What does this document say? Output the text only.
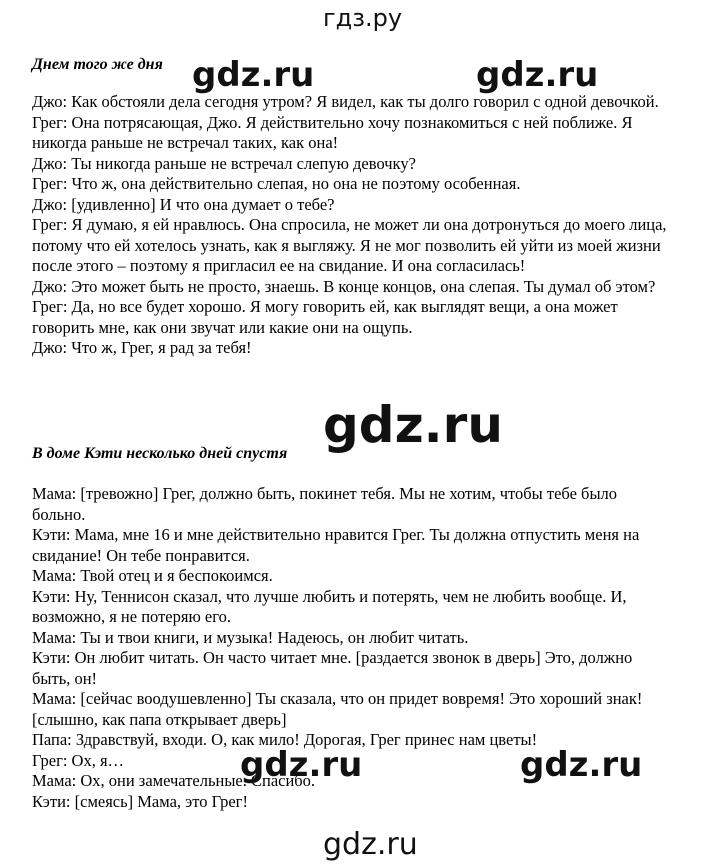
гдз.ру
Днем того же дня

Джо: Как обстояли дела сегодня утром? Я видел, как ты долго говорил с одной девочкой.

Грег: Она потрясающая, Джо. Я действительно хочу познакомиться с ней поближе. Я никогда раньше не встречал таких, как она!

Джо: Ты никогда раньше не встречал слепую девочку?

Грег: Что ж, она действительно слепая, но она не поэтому особенная.

Джо: [удивленно] И что она думает о тебе?

Грег: Я думаю, я ей нравлюсь. Она спросила, не может ли она дотронуться до моего лица, потому что ей хотелось узнать, как я выгляжу. Я не мог позволить ей уйти из моей жизни после этого – поэтому я пригласил ее на свидание. И она согласилась!

Джо: Это может быть не просто, знаешь. В конце концов, она слепая. Ты думал об этом?

Грег: Да, но все будет хорошо. Я могу говорить ей, как выглядят вещи, а она может говорить мне, как они звучат или какие они на ощупь.

Джо: Что ж, Грег, я рад за тебя!

В доме Кэти несколько дней спустя

Мама: [тревожно] Грег, должно быть, покинет тебя. Мы не хотим, чтобы тебе было больно.

Кэти: Мама, мне 16 и мне действительно нравится Грег. Ты должна отпустить меня на свидание! Он тебе понравится.

Мама: Твой отец и я беспокоимся.

Кэти: Ну, Теннисон сказал, что лучше любить и потерять, чем не любить вообще. И, возможно, я не потеряю его.

Мама: Ты и твои книги, и музыка! Надеюсь, он любит читать.

Кэти: Он любит читать. Он часто читает мне. [раздается звонок в дверь] Это, должно быть, он!

Мама: [сейчас воодушевленно] Ты сказала, что он придет вовремя! Это хороший знак! [слышно, как папа открывает дверь]

Папа: Здравствуй, входи. О, как мило! Дорогая, Грег принес нам цветы!

Грег: Ох, я…

Мама: Ох, они замечательные. Спасибо.

Кэти: [смеясь] Мама, это Грег!

gdz.ru	gdz.ru
gdz.ru
gdz.ru	gdz.ru
gdz.ru
